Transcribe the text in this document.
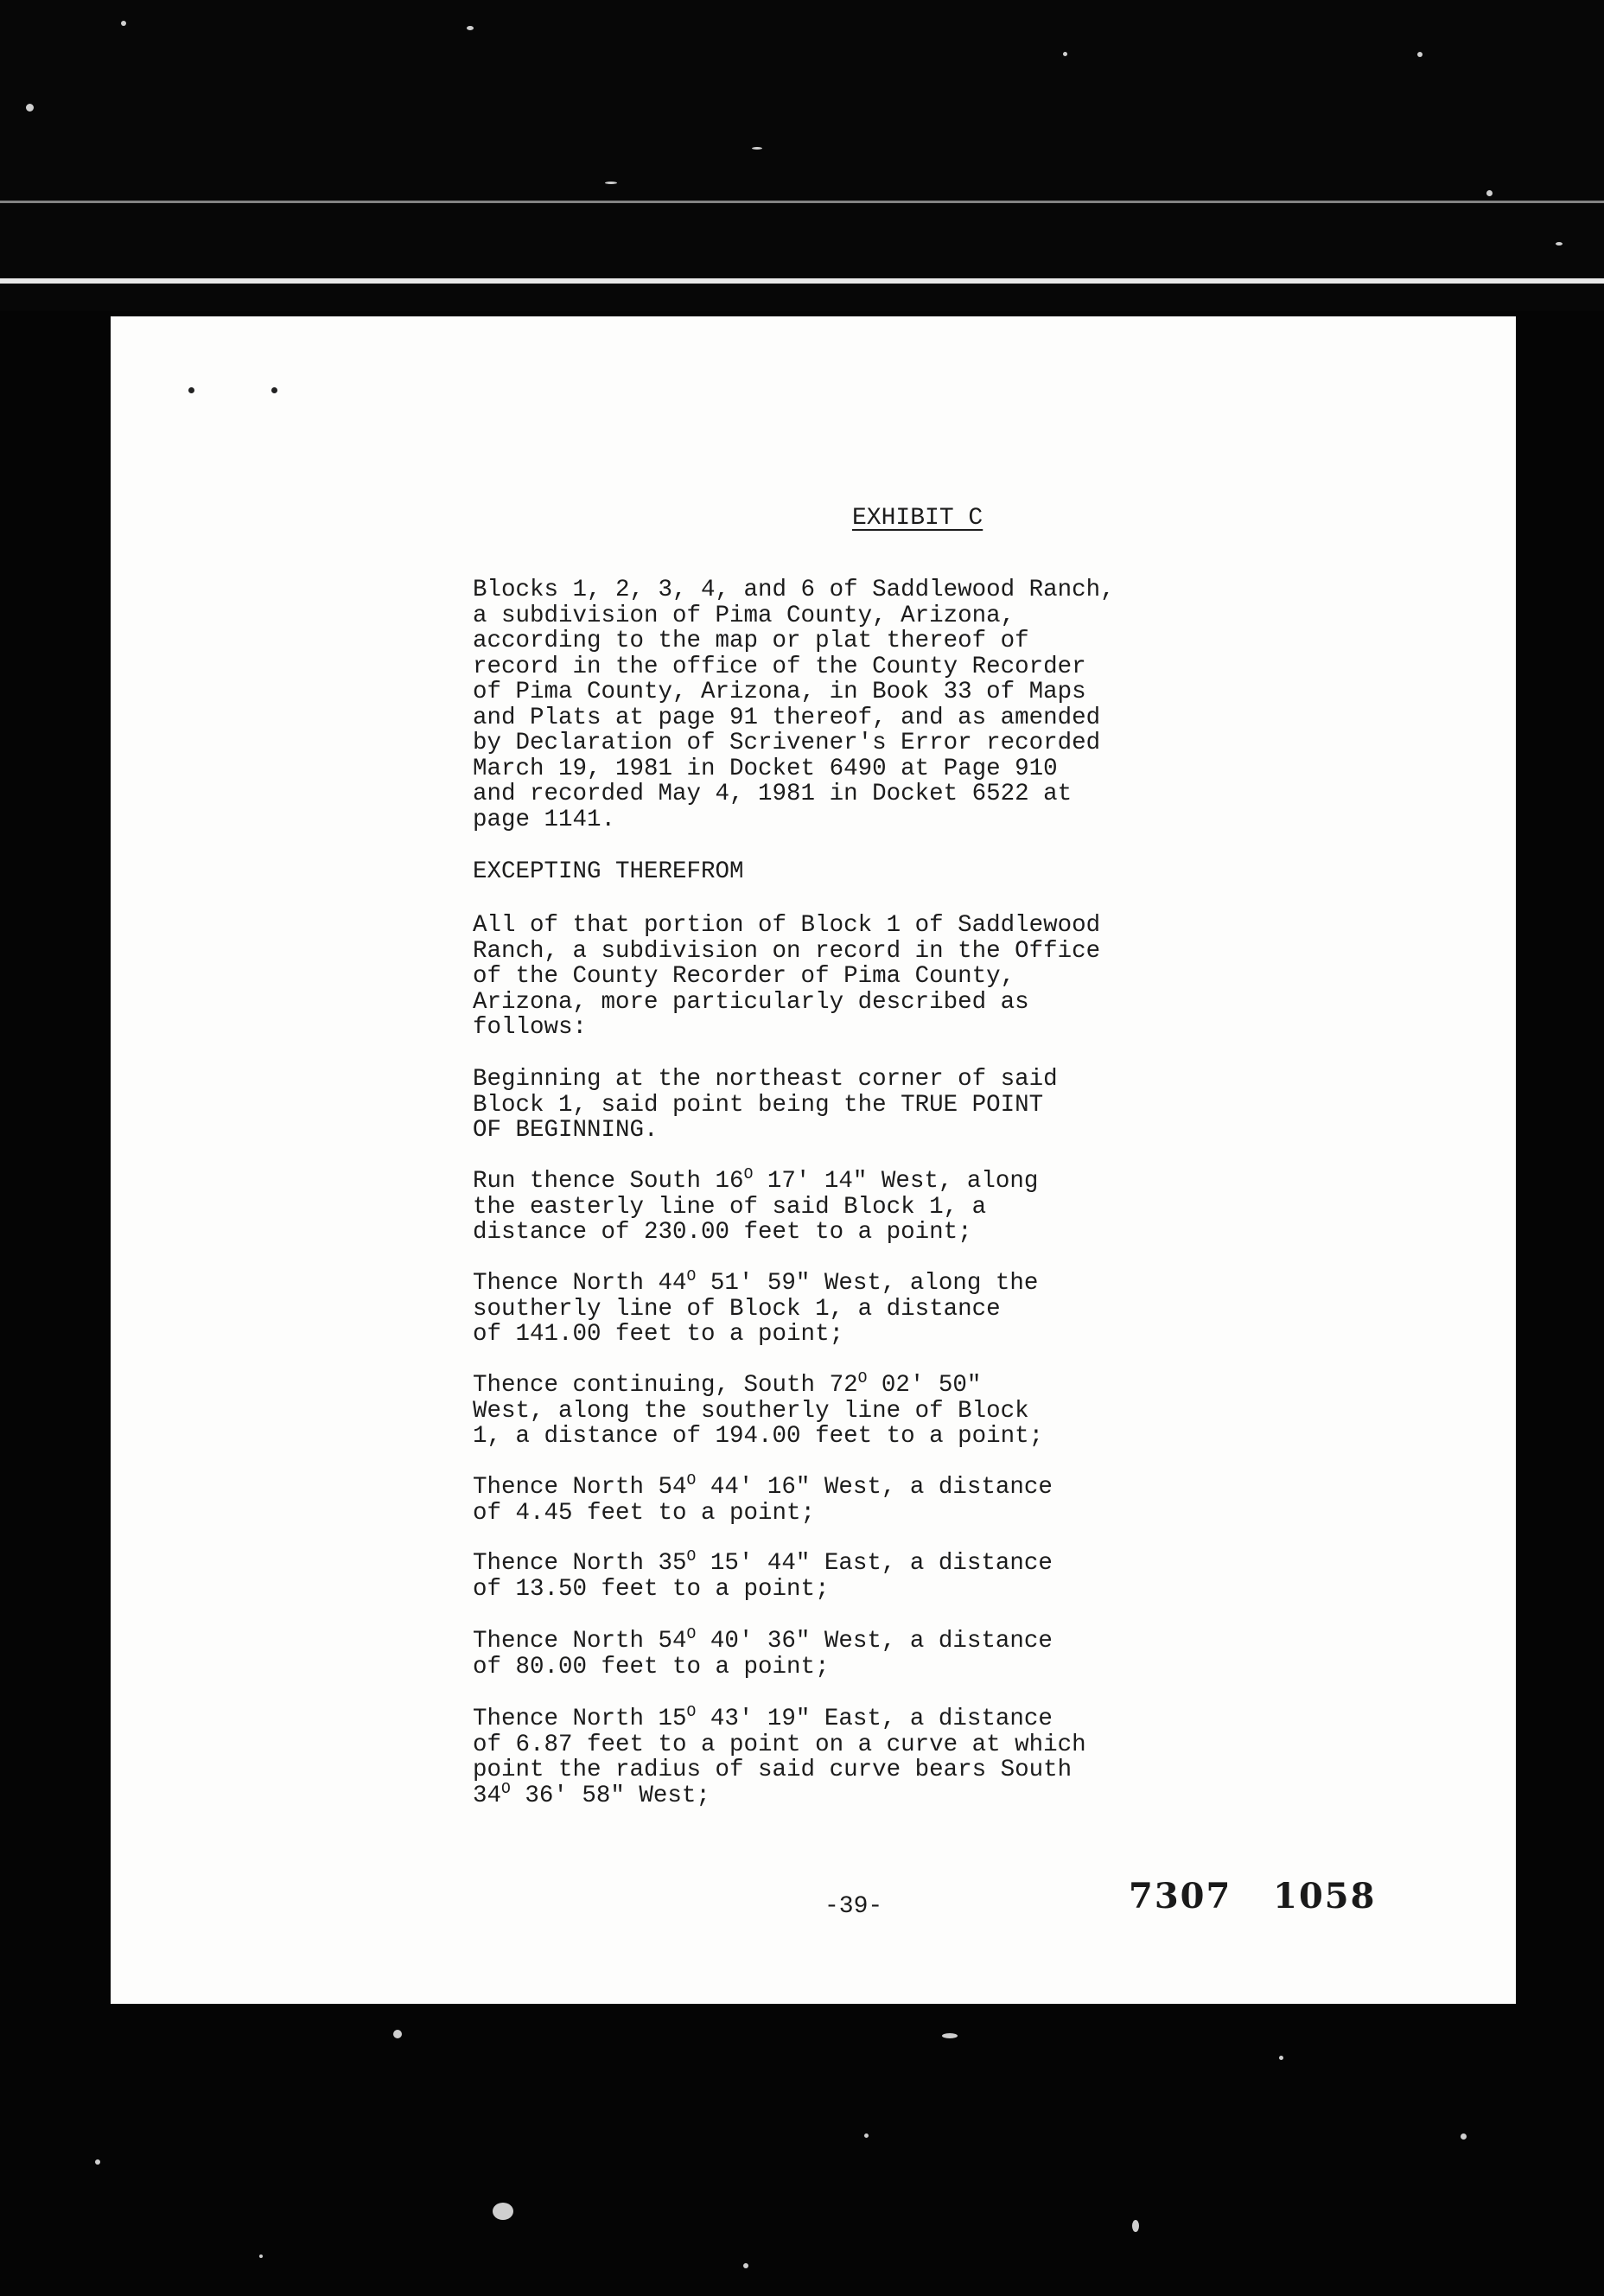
EXHIBIT C
Blocks 1, 2, 3, 4, and 6 of Saddlewood Ranch,
a subdivision of Pima County, Arizona,
according to the map or plat thereof of
record in the office of the County Recorder
of Pima County, Arizona, in Book 33 of Maps
and Plats at page 91 thereof, and as amended
by Declaration of Scrivener's Error recorded
March 19, 1981 in Docket 6490 at Page 910
and recorded May 4, 1981 in Docket 6522 at
page 1141.
EXCEPTING THEREFROM
All of that portion of Block 1 of Saddlewood
Ranch, a subdivision on record in the Office
of the County Recorder of Pima County,
Arizona, more particularly described as
follows:
Beginning at the northeast corner of said
Block 1, said point being the TRUE POINT
OF BEGINNING.
Run thence South $16^O$ 17' 14" West, along
the easterly line of said Block 1, a
distance of 230.00 feet to a point;
Thence North $44^O$ 51' 59" West, along the
southerly line of Block 1, a distance
of 141.00 feet to a point;
Thence continuing, South $72^O$ 02' 50"
West, along the southerly line of Block
1, a distance of 194.00 feet to a point;
Thence North $54^O$ 44' 16" West, a distance
of 4.45 feet to a point;
Thence North $35^O$ 15' 44" East, a distance
of 13.50 feet to a point;
Thence North $54^O$ 40' 36" West, a distance
of 80.00 feet to a point;
Thence North $15^O$ 43' 19" East, a distance
of 6.87 feet to a point on a curve at which
point the radius of said curve bears South
$34^O$ 36' 58" West;
-39-	7307   1058
